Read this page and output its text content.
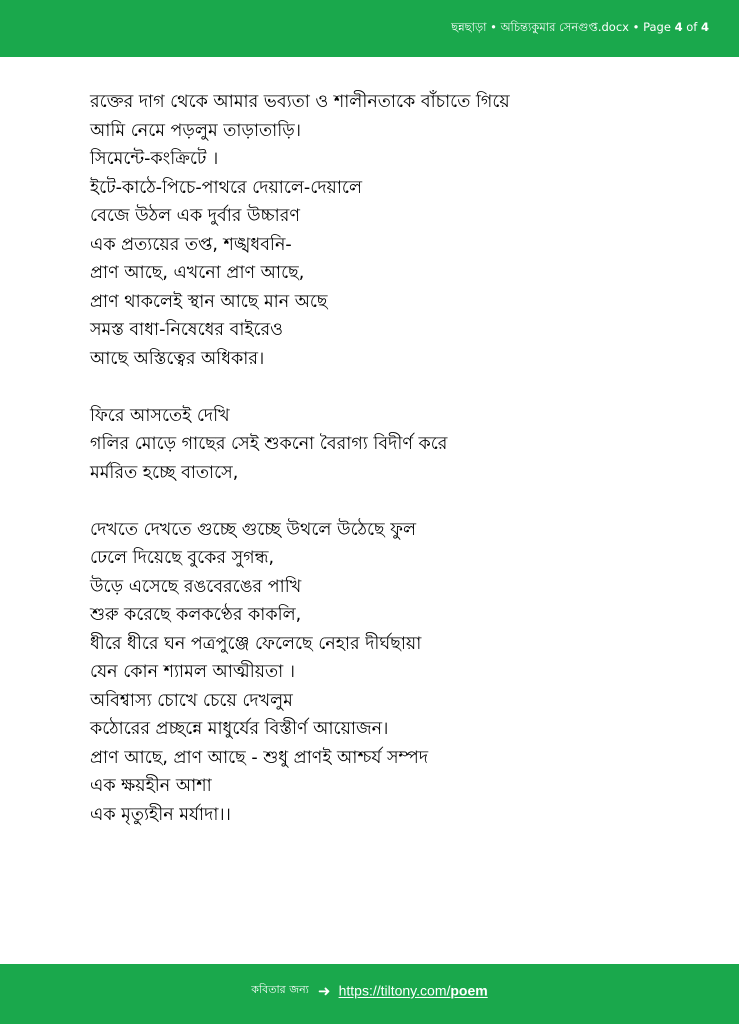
ছন্নছাড়া • অচিন্ত্যকুমার সেনগুপ্ত.docx • Page 4 of 4
রক্তের দাগ থেকে আমার ভব্যতা ও শালীনতাকে বাঁচাতে গিয়ে
আমি নেমে পড়লুম তাড়াতাড়ি।
সিমেন্টে-কংক্রিটে ।
ইটে-কাঠে-পিচে-পাথরে দেয়ালে-দেয়ালে
বেজে উঠল এক দুর্বার উচ্চারণ
এক প্রত্যয়ের তপ্ত, শঙ্খধবনি-
প্রাণ আছে, এখনো প্রাণ আছে,
প্রাণ থাকলেই স্থান আছে মান অছে
সমস্ত বাধা-নিষেধের বাইরেও
আছে অস্তিত্বের অধিকার।
ফিরে আসতেই দেখি
গলির মোড়ে গাছের সেই শুকনো বৈরাগ্য বিদীর্ণ করে
মর্মরিত হচ্ছে বাতাসে,
দেখতে দেখতে গুচ্ছে গুচ্ছে উথলে উঠেছে ফুল
ঢেলে দিয়েছে বুকের সুগন্ধ,
উড়ে এসেছে রঙবেরঙের পাখি
শুরু করেছে কলকণ্ঠের কাকলি,
ধীরে ধীরে ঘন পত্রপুঞ্জে ফেলেছে নেহার দীর্ঘছায়া
যেন কোন শ্যামল আত্মীয়তা ।
অবিশ্বাস্য চোখে চেয়ে দেখলুম
কঠোরের প্রচ্ছন্নে মাধুর্যের বিস্তীর্ণ আয়োজন।
প্রাণ আছে, প্রাণ আছে - শুধু প্রাণই আশ্চর্য সম্পদ
এক ক্ষয়হীন আশা
এক মৃত্যুহীন মর্যাদা।।
কবিতার জন্য ➜ https://tiltony.com/poem
